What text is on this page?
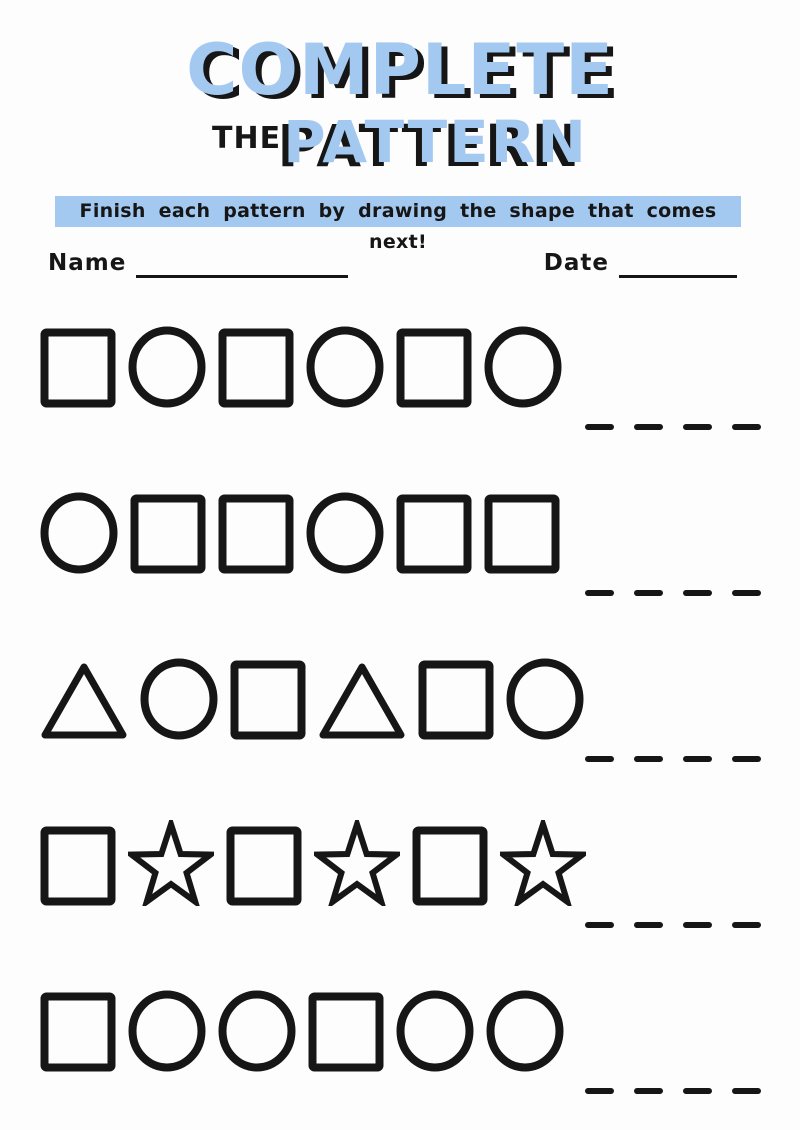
COMPLETE
THEPATTERN
Finish each pattern by drawing the shape that comes next!
Name	Date
